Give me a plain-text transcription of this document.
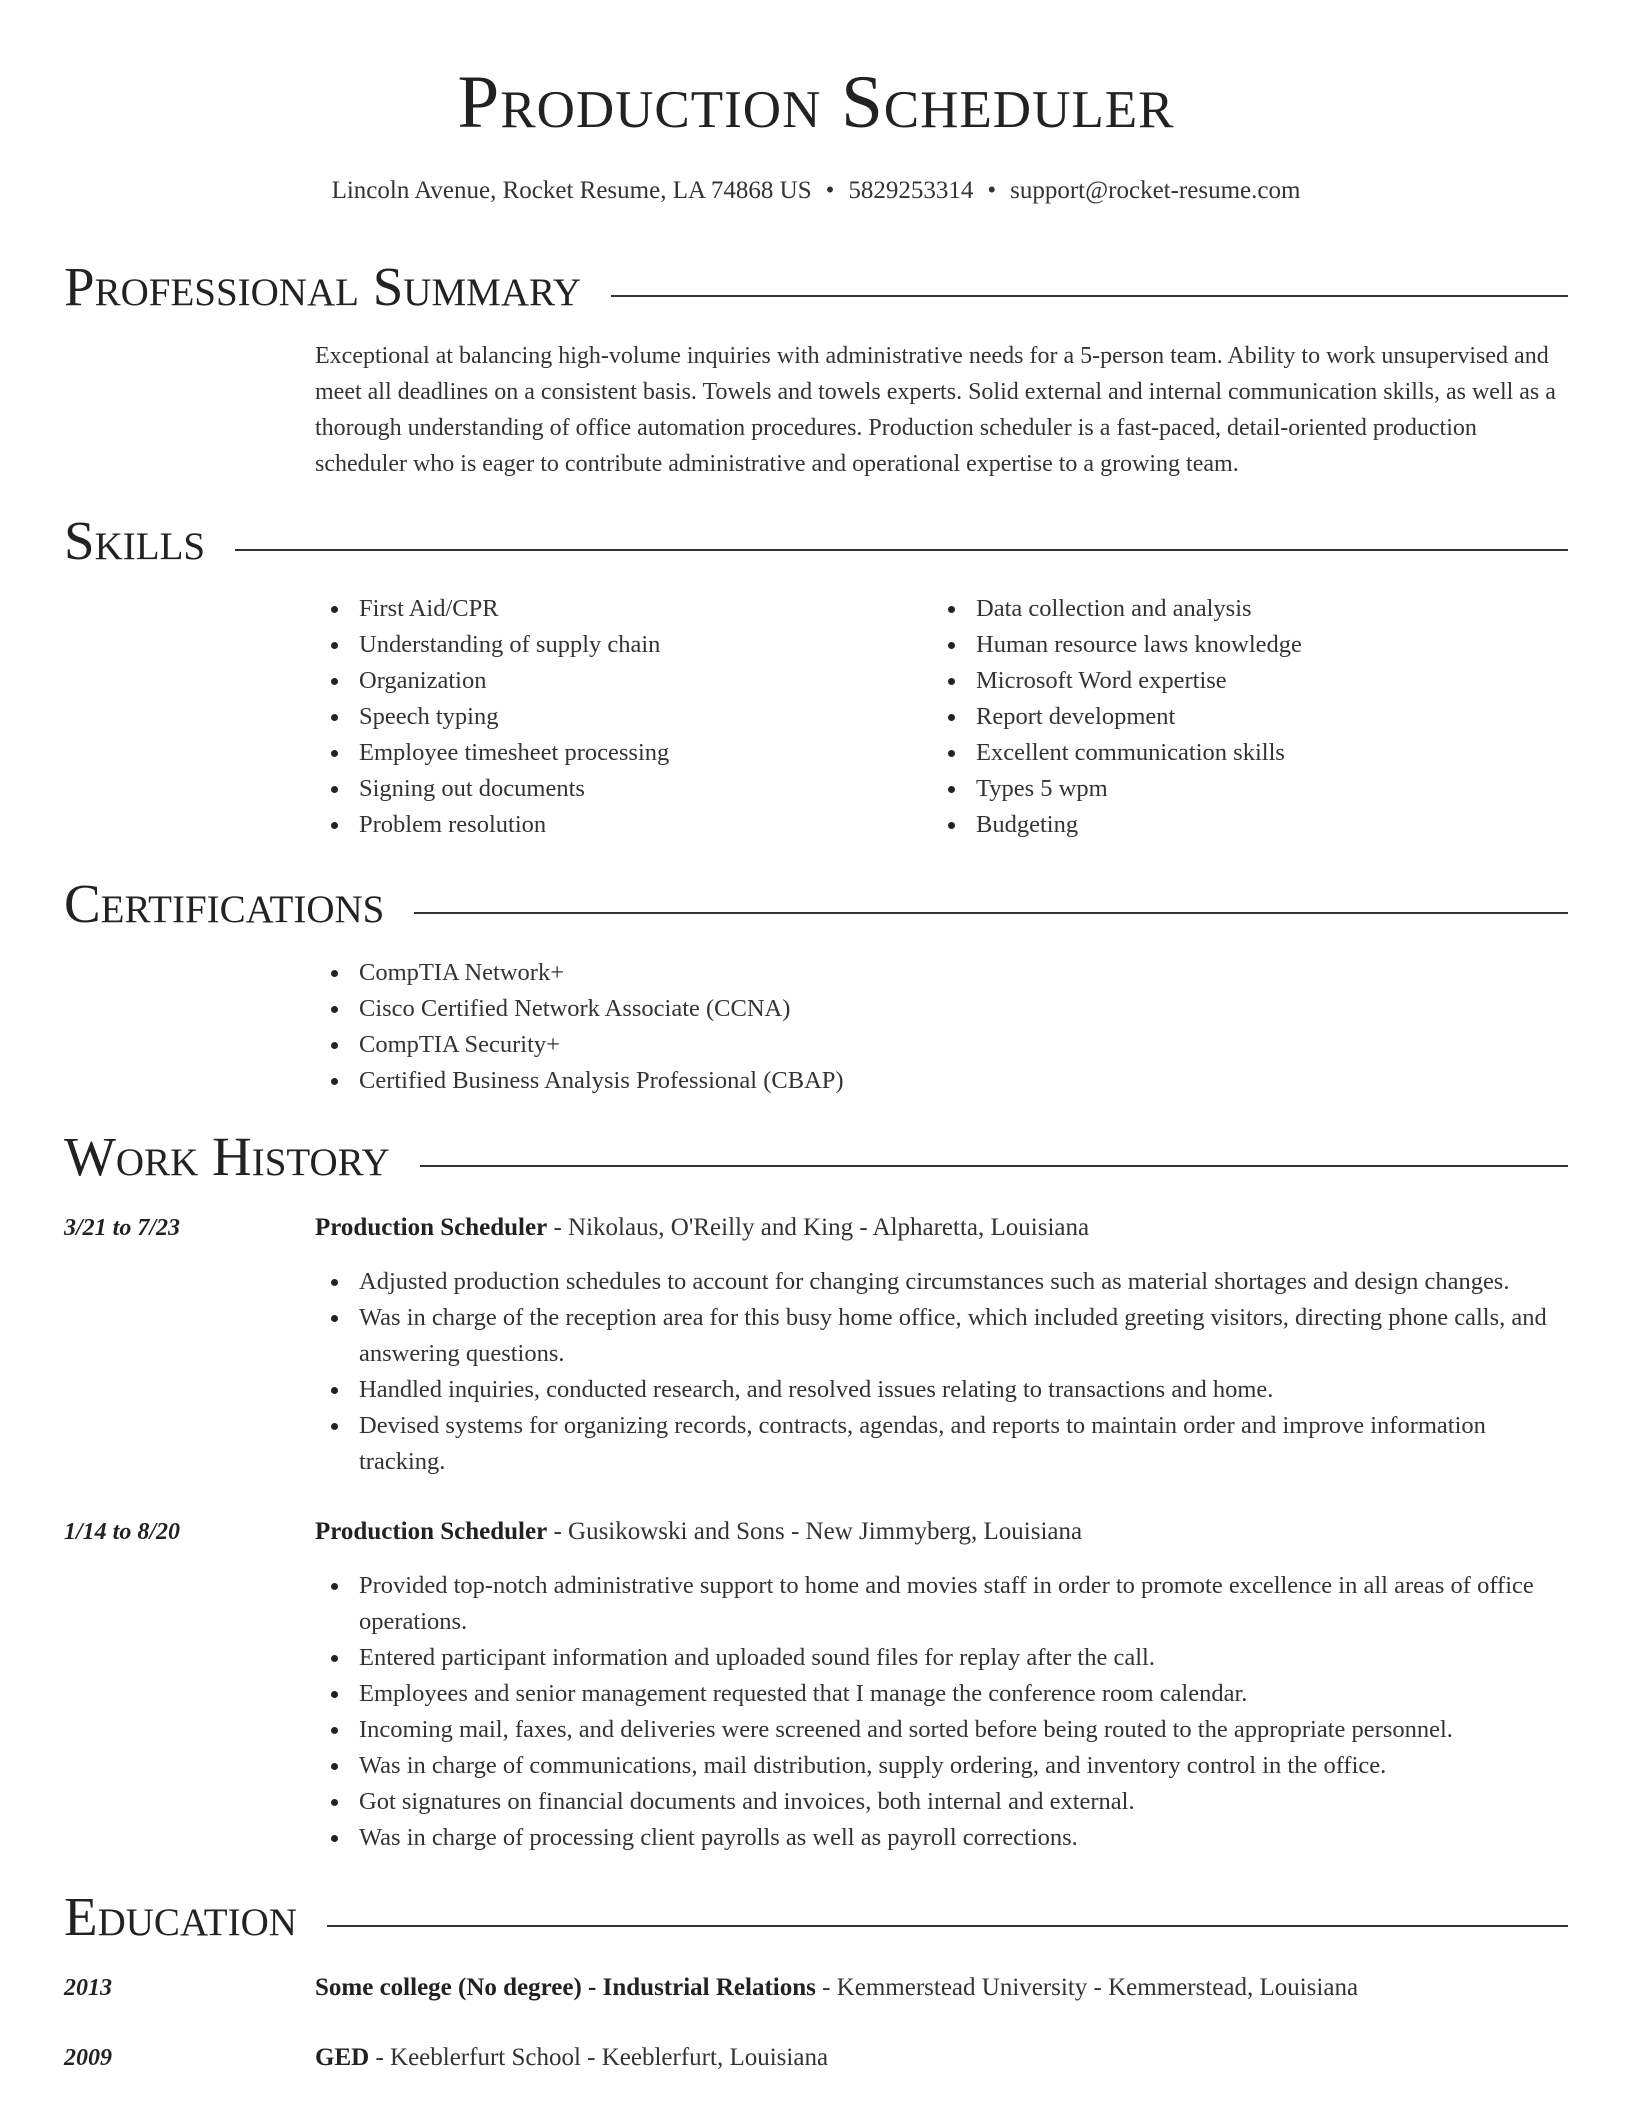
Production Scheduler
Lincoln Avenue, Rocket Resume, LA 74868 US • 5829253314 • support@rocket-resume.com
Professional Summary

Exceptional at balancing high-volume inquiries with administrative needs for a 5-person team. Ability to work unsupervised and meet all deadlines on a consistent basis. Towels and towels experts. Solid external and internal communication skills, as well as a thorough understanding of office automation procedures. Production scheduler is a fast-paced, detail-oriented production scheduler who is eager to contribute administrative and operational expertise to a growing team.

Skills
First Aid/CPR
Understanding of supply chain
Organization
Speech typing
Employee timesheet processing
Signing out documents
Problem resolution
Data collection and analysis
Human resource laws knowledge
Microsoft Word expertise
Report development
Excellent communication skills
Types 5 wpm
Budgeting
Certifications
CompTIA Network+
Cisco Certified Network Associate (CCNA)
CompTIA Security+
Certified Business Analysis Professional (CBAP)
Work History
3/21 to 7/23	Production Scheduler - Nikolaus, O'Reilly and King - Alpharetta, Louisiana
Adjusted production schedules to account for changing circumstances such as material shortages and design changes.
Was in charge of the reception area for this busy home office, which included greeting visitors, directing phone calls, and answering questions.
Handled inquiries, conducted research, and resolved issues relating to transactions and home.
Devised systems for organizing records, contracts, agendas, and reports to maintain order and improve information tracking.
1/14 to 8/20	Production Scheduler - Gusikowski and Sons - New Jimmyberg, Louisiana
Provided top-notch administrative support to home and movies staff in order to promote excellence in all areas of office operations.
Entered participant information and uploaded sound files for replay after the call.
Employees and senior management requested that I manage the conference room calendar.
Incoming mail, faxes, and deliveries were screened and sorted before being routed to the appropriate personnel.
Was in charge of communications, mail distribution, supply ordering, and inventory control in the office.
Got signatures on financial documents and invoices, both internal and external.
Was in charge of processing client payrolls as well as payroll corrections.
Education
2013	Some college (No degree) - Industrial Relations - Kemmerstead University - Kemmerstead, Louisiana
2009	GED - Keeblerfurt School - Keeblerfurt, Louisiana
